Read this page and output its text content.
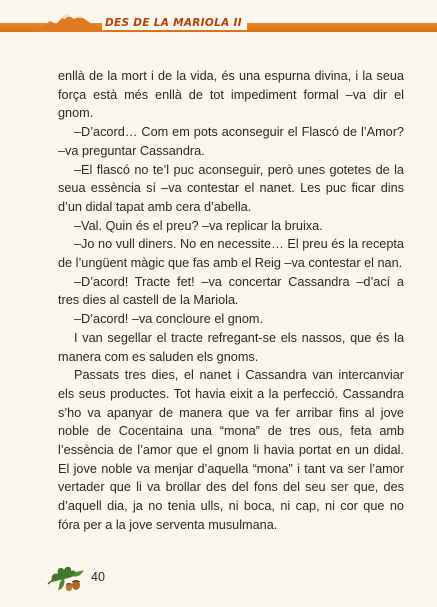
DES DE LA MARIOLA II

enllà de la mort i de la vida, és una espurna divina, i la seua força està més enllà de tot impediment formal –va dir el gnom.

–D’acord… Com em pots aconseguir el Flascó de l’Amor? –va preguntar Cassandra.

–El flascó no te’l puc aconseguir, però unes gotetes de la seua essència sí –va contestar el nanet. Les puc ficar dins d’un didal tapat amb cera d’abella.

–Val. Quin és el preu? –va replicar la bruixa.

–Jo no vull diners. No en necessite… El preu és la recepta de l’ungüent màgic que fas amb el Reig –va contestar el nan.

–D’acord! Tracte fet! –va concertar Cassandra –d’ací a tres dies al castell de la Mariola.

–D’acord! –va concloure el gnom.

I van segellar el tracte refregant-se els nassos, que és la manera com es saluden els gnoms.

Passats tres dies, el nanet i Cassandra van intercanviar els seus productes. Tot havia eixit a la perfecció. Cassandra s’ho va apanyar de manera que va fer arribar fins al jove noble de Cocentaina una “mona” de tres ous, feta amb l’essència de l’amor que el gnom li havia portat en un didal. El jove noble va menjar d’aquella “mona” i tant va ser l’amor vertader que li va brollar des del fons del seu ser que, des d’aquell dia, ja no tenia ulls, ni boca, ni cap, ni cor que no fóra per a la jove serventa musulmana.

40
